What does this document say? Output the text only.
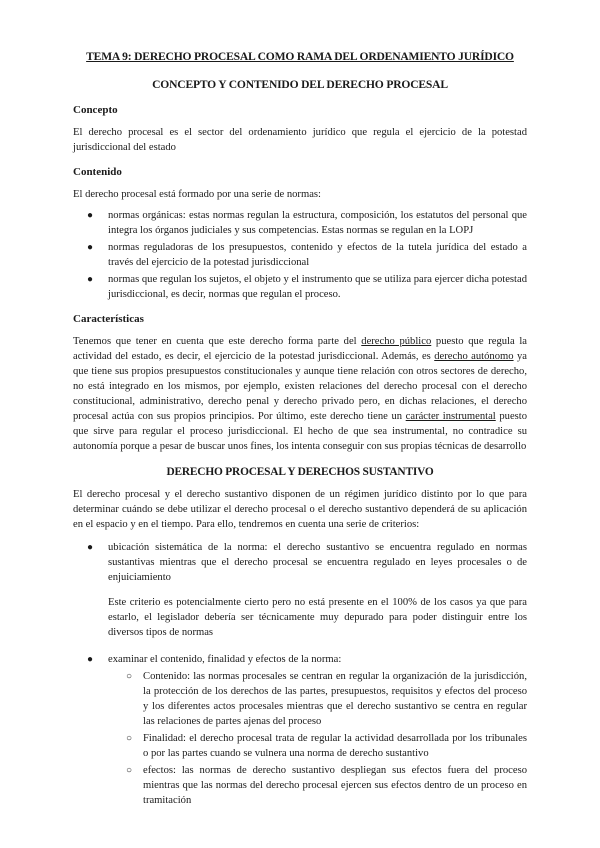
TEMA 9: DERECHO PROCESAL COMO RAMA DEL ORDENAMIENTO JURÍDICO

CONCEPTO Y CONTENIDO DEL DERECHO PROCESAL

Concepto

El derecho procesal es el sector del ordenamiento jurídico que regula el ejercicio de la potestad jurisdiccional del estado

Contenido

El derecho procesal está formado por una serie de normas:

● normas orgánicas: estas normas regulan la estructura, composición, los estatutos del personal que integra los órganos judiciales y sus competencias. Estas normas se regulan en la LOPJ
● normas reguladoras de los presupuestos, contenido y efectos de la tutela jurídica del estado a través del ejercicio de la potestad jurisdiccional
● normas que regulan los sujetos, el objeto y el instrumento que se utiliza para ejercer dicha potestad jurisdiccional, es decir, normas que regulan el proceso.

Características

Tenemos que tener en cuenta que este derecho forma parte del derecho público puesto que regula la actividad del estado, es decir, el ejercicio de la potestad jurisdiccional. Además, es derecho autónomo ya que tiene sus propios presupuestos constitucionales y aunque tiene relación con otros sectores de derecho, no está integrado en los mismos, por ejemplo, existen relaciones del derecho procesal con el derecho constitucional, administrativo, derecho penal y derecho privado pero, en dichas relaciones, el derecho procesal actúa con sus propios principios. Por último, este derecho tiene un carácter instrumental puesto que sirve para regular el proceso jurisdiccional. El hecho de que sea instrumental, no contradice su autonomía porque a pesar de buscar unos fines, los intenta conseguir con sus propias técnicas de desarrollo

DERECHO PROCESAL Y DERECHOS SUSTANTIVO

El derecho procesal y el derecho sustantivo disponen de un régimen jurídico distinto por lo que para determinar cuándo se debe utilizar el derecho procesal o el derecho sustantivo dependerá de su aplicación en el espacio y en el tiempo. Para ello, tendremos en cuenta una serie de criterios:

● ubicación sistemática de la norma: el derecho sustantivo se encuentra regulado en normas sustantivas mientras que el derecho procesal se encuentra regulado en leyes procesales o de enjuiciamiento

Este criterio es potencialmente cierto pero no está presente en el 100% de los casos ya que para estarlo, el legislador debería ser técnicamente muy depurado para poder distinguir entre los diversos tipos de normas

● examinar el contenido, finalidad y efectos de la norma:
○ Contenido: las normas procesales se centran en regular la organización de la jurisdicción, la protección de los derechos de las partes, presupuestos, requisitos y efectos del proceso y los diferentes actos procesales mientras que el derecho sustantivo se centra en regular las relaciones de partes ajenas del proceso
○ Finalidad: el derecho procesal trata de regular la actividad desarrollada por los tribunales o por las partes cuando se vulnera una norma de derecho sustantivo
○ efectos: las normas de derecho sustantivo despliegan sus efectos fuera del proceso mientras que las normas del derecho procesal ejercen sus efectos dentro de un proceso en tramitación
